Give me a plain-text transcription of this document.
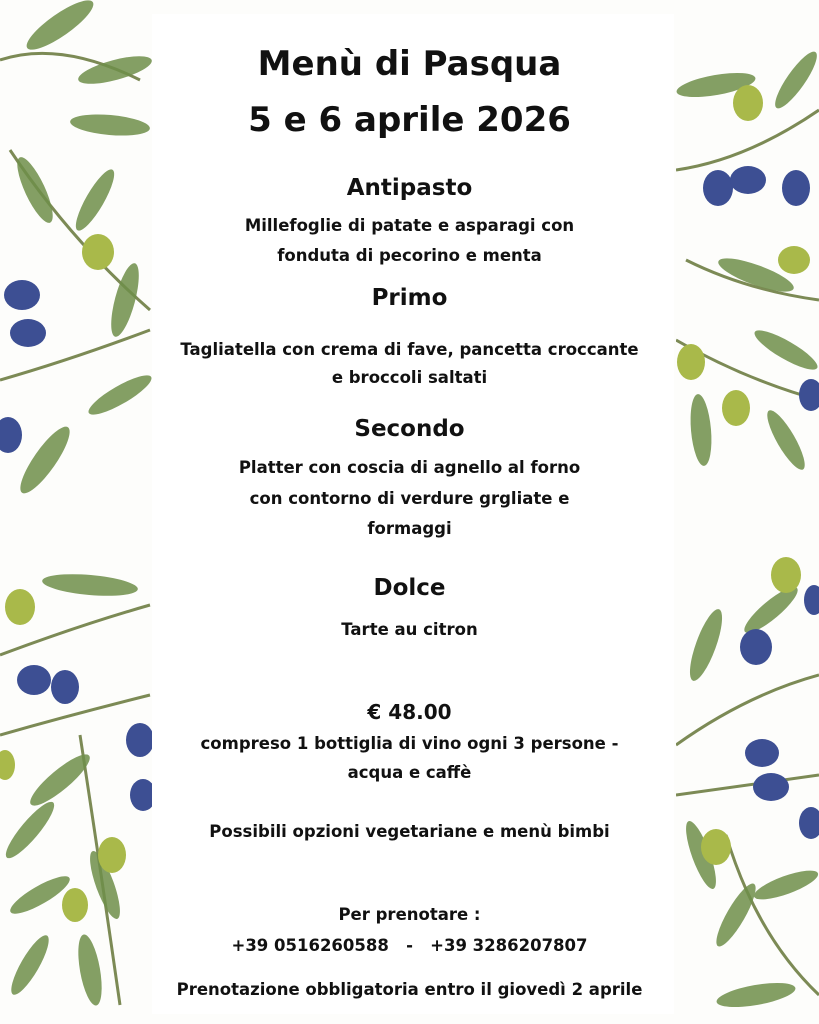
Menù di Pasqua
5 e 6 aprile 2026
Antipasto
Millefoglie di patate e asparagi con
fonduta di pecorino e menta
Primo
Tagliatella con crema di fave, pancetta croccante
e broccoli saltati
Secondo
Platter con coscia di agnello al forno
con contorno di verdure grgliate e
formaggi
Dolce
Tarte au citron
€ 48.00
compreso 1 bottiglia di vino ogni 3 persone -
acqua e caffè
Possibili opzioni vegetariane e menù bimbi
Per prenotare :
+39 0516260588   -   +39 3286207807
Prenotazione obbligatoria entro il giovedì 2 aprile
